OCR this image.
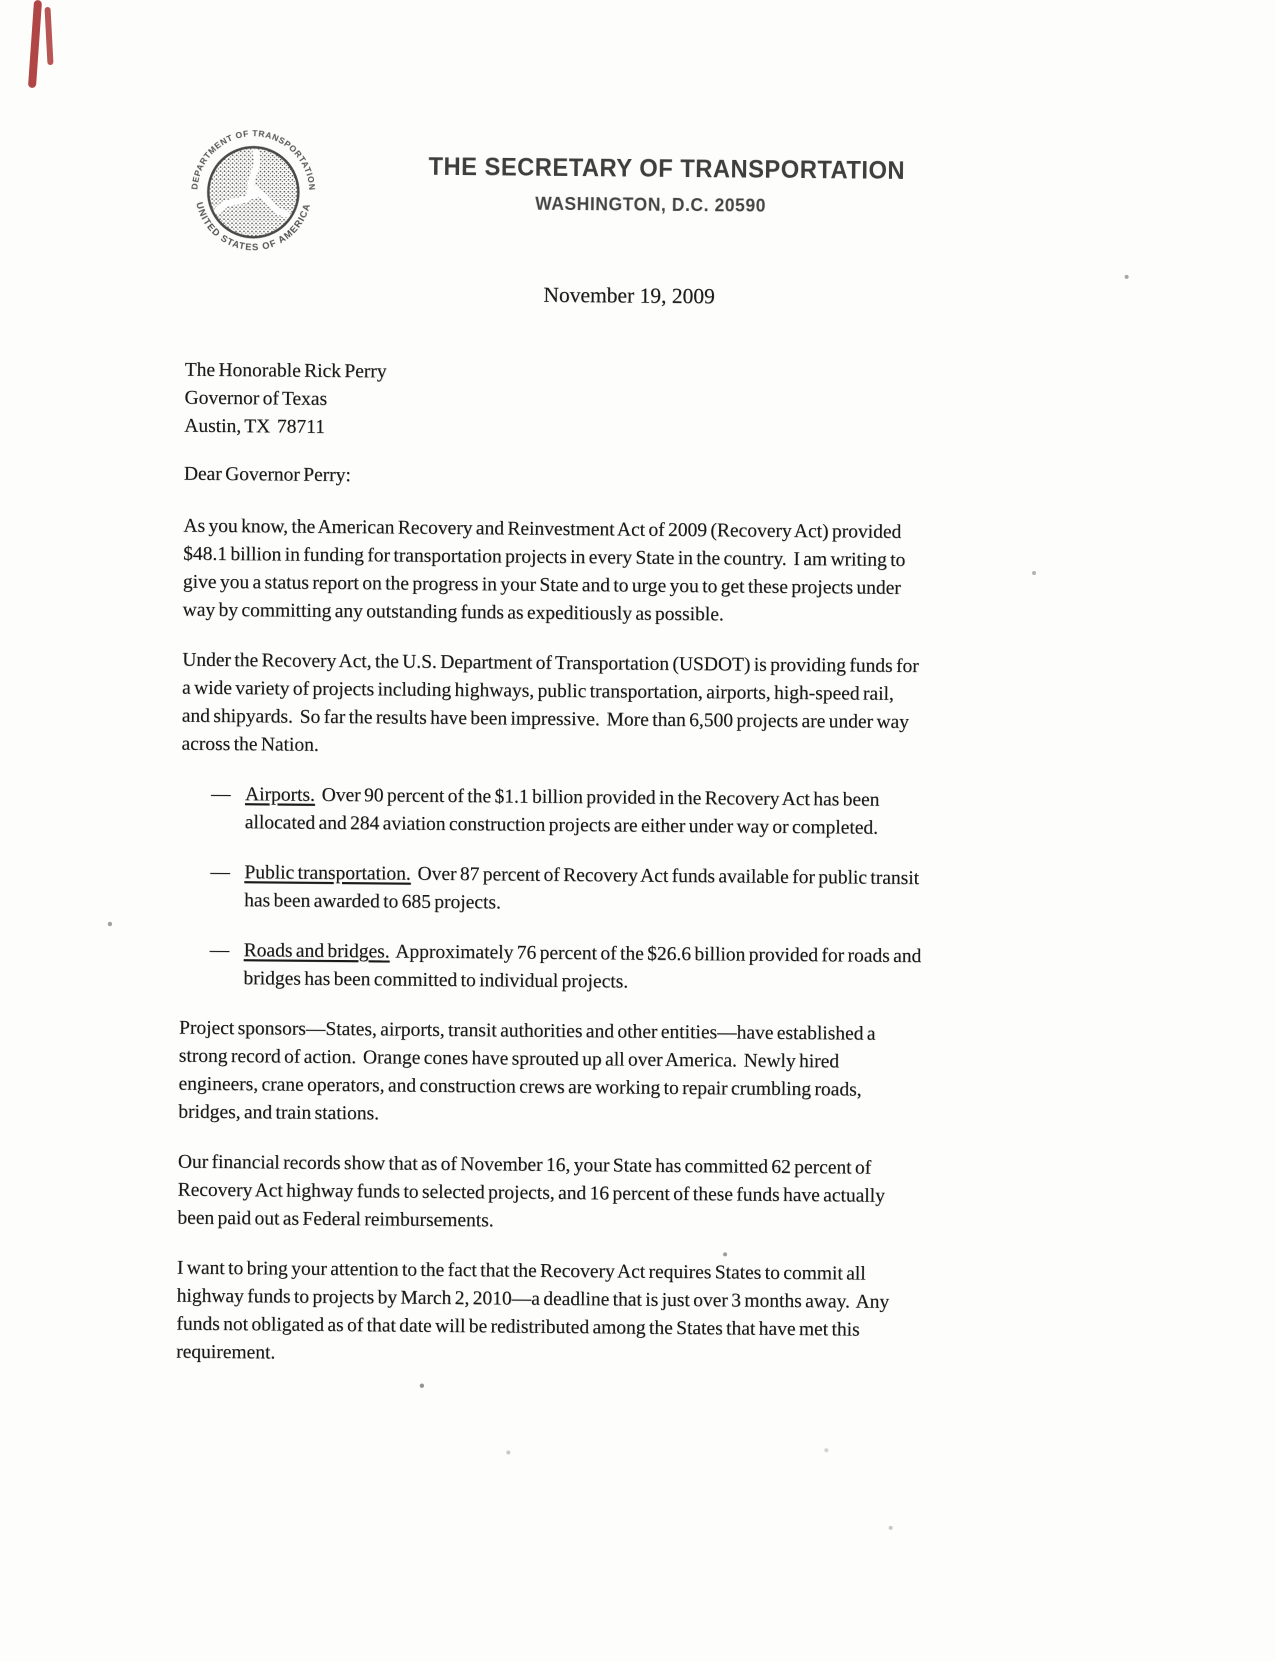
DEPARTMENT OF TRANSPORTATION
UNITED STATES OF AMERICA
THE SECRETARY OF TRANSPORTATION
WASHINGTON, D.C. 20590
November 19, 2009
The Honorable Rick Perry
Governor of Texas
Austin, TX  78711
Dear Governor Perry:

As you know, the American Recovery and Reinvestment Act of 2009 (Recovery Act) provided
$48.1 billion in funding for transportation projects in every State in the country.  I am writing to
give you a status report on the progress in your State and to urge you to get these projects under
way by committing any outstanding funds as expeditiously as possible.

Under the Recovery Act, the U.S. Department of Transportation (USDOT) is providing funds for
a wide variety of projects including highways, public transportation, airports, high-speed rail,
and shipyards.  So far the results have been impressive.  More than 6,500 projects are under way
across the Nation.

— Airports.  Over 90 percent of the $1.1 billion provided in the Recovery Act has been
allocated and 284 aviation construction projects are either under way or completed.
— Public transportation.  Over 87 percent of Recovery Act funds available for public transit
has been awarded to 685 projects.
— Roads and bridges.  Approximately 76 percent of the $26.6 billion provided for roads and
bridges has been committed to individual projects.

Project sponsors—States, airports, transit authorities and other entities—have established a
strong record of action.  Orange cones have sprouted up all over America.  Newly hired
engineers, crane operators, and construction crews are working to repair crumbling roads,
bridges, and train stations.

Our financial records show that as of November 16, your State has committed 62 percent of
Recovery Act highway funds to selected projects, and 16 percent of these funds have actually
been paid out as Federal reimbursements.

I want to bring your attention to the fact that the Recovery Act requires States to commit all
highway funds to projects by March 2, 2010—a deadline that is just over 3 months away.  Any
funds not obligated as of that date will be redistributed among the States that have met this
requirement.
